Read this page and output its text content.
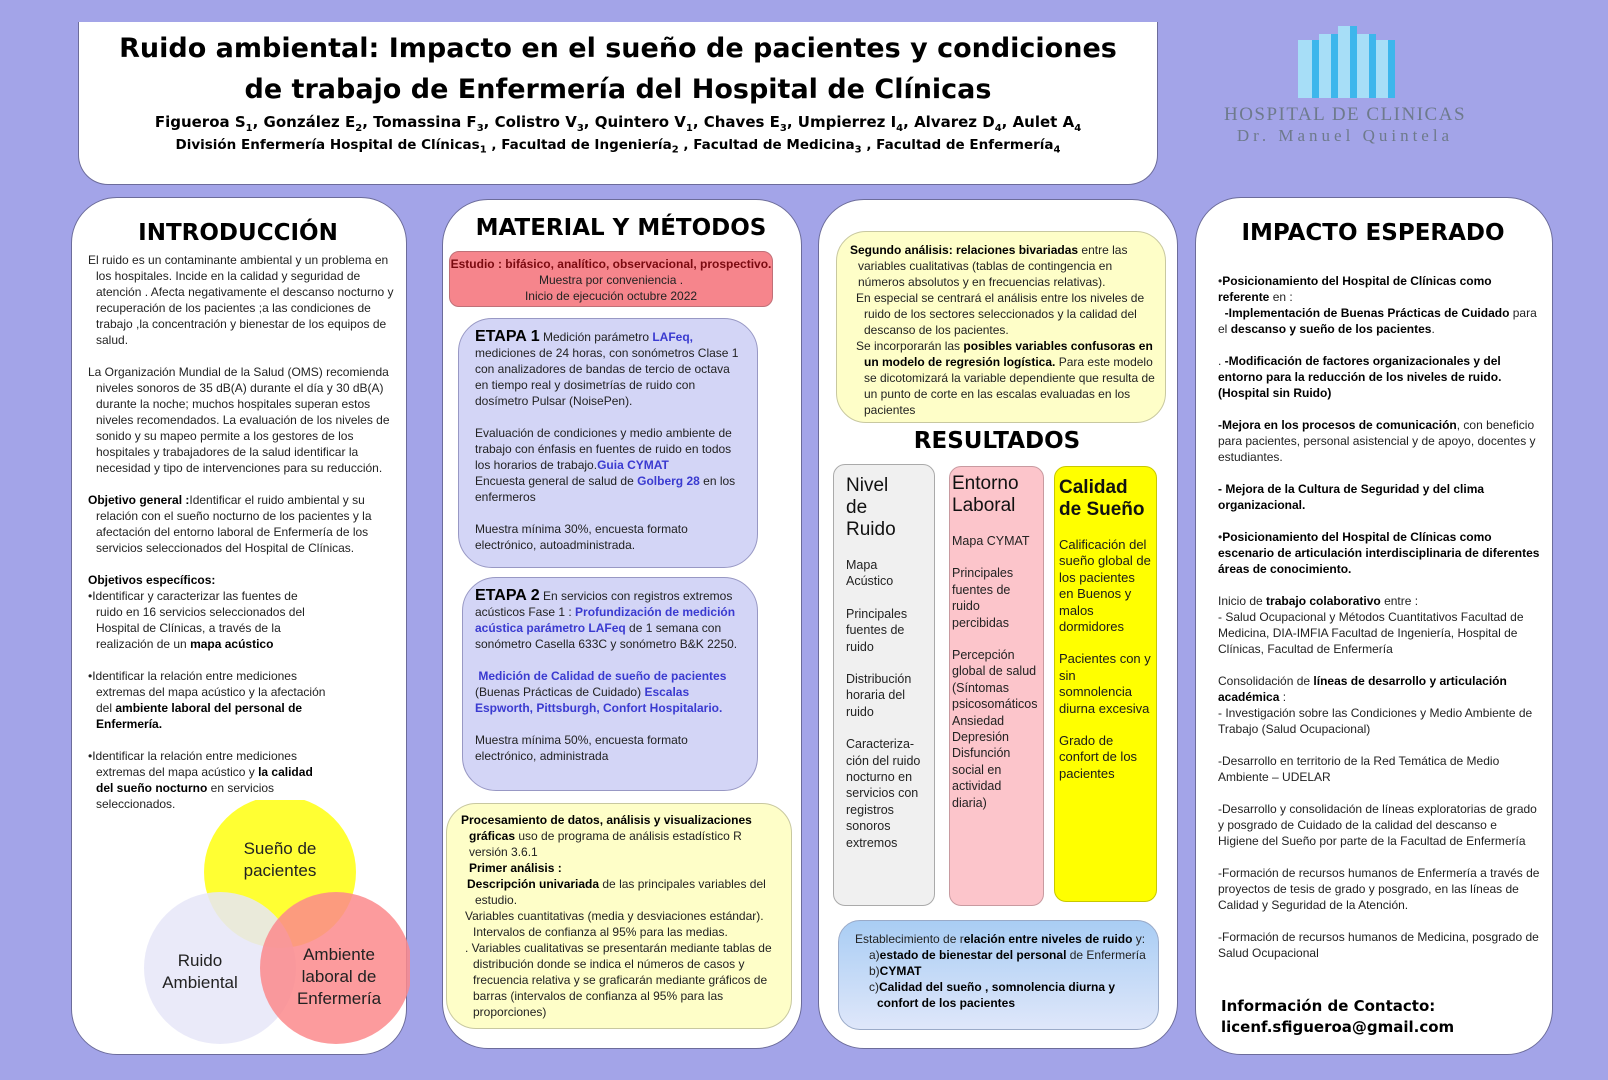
Ruido ambiental: Impacto en el sueño de pacientes y condiciones
de trabajo de Enfermería del Hospital de Clínicas
Figueroa $S_1$, González $E_2$, Tomassina $F_3$, Colistro $V_3$, Quintero $V_1$, Chaves $E_3$, Umpierrez $I_4$, Alvarez $D_4$, Aulet $A_4$
División Enfermería Hospital de Clínicas$_1$ , Facultad de Ingeniería$_2$ , Facultad de Medicina$_3$ , Facultad de Enfermería$_4$
HOSPITAL DE CLINICAS
Dr. Manuel Quintela
INTRODUCCIÓN

El ruido es un contaminante ambiental y un problema en los hospitales. Incide en la calidad y seguridad de atención . Afecta negativamente el descanso nocturno y recuperación de los pacientes ;a las condiciones de trabajo ,la concentración y bienestar de los equipos de salud.

La Organización Mundial de la Salud (OMS) recomienda niveles sonoros de 35 dB(A) durante el día y 30 dB(A) durante la noche; muchos hospitales superan estos niveles recomendados. La evaluación de los niveles de sonido y su mapeo permite a los gestores de los hospitales y trabajadores de la salud identificar la necesidad y tipo de intervenciones para su reducción.

Objetivo general :Identificar el ruido ambiental y su relación con el sueño nocturno de los pacientes y la afectación del entorno laboral de Enfermería de los servicios seleccionados del Hospital de Clínicas.

Objetivos específicos:

•Identificar y caracterizar las fuentes de ruido en 16 servicios seleccionados del Hospital de Clínicas, a través de la realización de un mapa acústico

•Identificar la relación entre mediciones extremas del mapa acústico y la afectación del ambiente laboral del personal de Enfermería.

•Identificar la relación entre mediciones extremas del mapa acústico y la calidad del sueño nocturno en servicios seleccionados.

Sueño de pacientes
Ruido Ambiental
Ambiente laboral de Enfermería
MATERIAL Y MÉTODOS

Estudio : bifásico, analítico, observacional, prospectivo.

Muestra por conveniencia .

Inicio de ejecución octubre 2022

ETAPA 1 Medición parámetro LAFeq, mediciones de 24 horas, con sonómetros Clase 1 con analizadores de bandas de tercio de octava en tiempo real y dosimetrías de ruido con dosímetro Pulsar (NoisePen).

Evaluación de condiciones y medio ambiente de trabajo con énfasis en fuentes de ruido en todos los horarios de trabajo.Guia CYMAT

Encuesta general de salud de Golberg 28 en los enfermeros

Muestra mínima 30%, encuesta formato electrónico, autoadministrada.

ETAPA 2 En servicios con registros extremos acústicos Fase 1 : Profundización de medición acústica parámetro LAFeq de 1 semana con sonómetro Casella 633C y sonómetro B&K 2250.

Medición de Calidad de sueño de pacientes

(Buenas Prácticas de Cuidado) Escalas Espworth, Pittsburgh, Confort Hospitalario.

Muestra mínima 50%, encuesta formato electrónico, administrada

Procesamiento de datos, análisis y visualizaciones gráficas uso de programa de análisis estadístico R versión 3.6.1

Primer análisis :

Descripción univariada de las principales variables del estudio.

Variables cuantitativas (media y desviaciones estándar). Intervalos de confianza al 95% para las medias.

. Variables cualitativas se presentarán mediante tablas de distribución donde se indica el números de casos y frecuencia relativa y se graficarán mediante gráficos de barras (intervalos de confianza al 95% para las proporciones)

Segundo análisis: relaciones bivariadas entre las variables cualitativas (tablas de contingencia en números absolutos y en frecuencias relativas).

En especial se centrará el análisis entre los niveles de ruido de los sectores seleccionados y la calidad del descanso de los pacientes.

Se incorporarán las posibles variables confusoras en un modelo de regresión logística. Para este modelo se dicotomizará la variable dependiente que resulta de un punto de corte en las escalas evaluadas en los pacientes

RESULTADOS
Nivel de Ruido
Mapa Acústico
Principales fuentes de ruido
Distribución horaria del ruido
Caracteriza-ción del ruido nocturno en servicios con registros sonoros extremos
Entorno Laboral
Mapa CYMAT
Principales fuentes de ruido percibidas
Percepción global de salud (Síntomas psicosomáticos Ansiedad Depresión Disfunción social en actividad diaria)
Calidad de Sueño
Calificación del sueño global de los pacientes en Buenos y malos dormidores
Pacientes con y sin somnolencia diurna excesiva
Grado de confort de los pacientes

Establecimiento de relación entre niveles de ruido y:

a)estado de bienestar del personal de Enfermería

b)CYMAT

c)Calidad del sueño , somnolencia diurna y confort de los pacientes

IMPACTO ESPERADO

•Posicionamiento del Hospital de Clínicas como referente en :

-Implementación de Buenas Prácticas de Cuidado para el descanso y sueño de los pacientes.

. -Modificación de factores organizacionales y del entorno para la reducción de los niveles de ruido.(Hospital sin Ruido)

-Mejora en los procesos de comunicación, con beneficio para pacientes, personal asistencial y de apoyo, docentes y estudiantes.

- Mejora de la Cultura de Seguridad y del clima organizacional.

•Posicionamiento del Hospital de Clínicas como escenario de articulación interdisciplinaria de diferentes áreas de conocimiento.

Inicio de trabajo colaborativo entre :

- Salud Ocupacional y Métodos Cuantitativos Facultad de Medicina, DIA-IMFIA Facultad de Ingeniería, Hospital de Clínicas, Facultad de Enfermería

Consolidación de líneas de desarrollo y articulación académica :

- Investigación sobre las Condiciones y Medio Ambiente de Trabajo (Salud Ocupacional)

-Desarrollo en territorio de la Red Temática de Medio Ambiente – UDELAR

-Desarrollo y consolidación de líneas exploratorias de grado y posgrado de Cuidado de la calidad del descanso e Higiene del Sueño por parte de la Facultad de Enfermería

-Formación de recursos humanos de Enfermería a través de proyectos de tesis de grado y posgrado, en las líneas de Calidad y Seguridad de la Atención.

-Formación de recursos humanos de Medicina, posgrado de Salud Ocupacional

Información de Contacto:
licenf.sfigueroa@gmail.com
